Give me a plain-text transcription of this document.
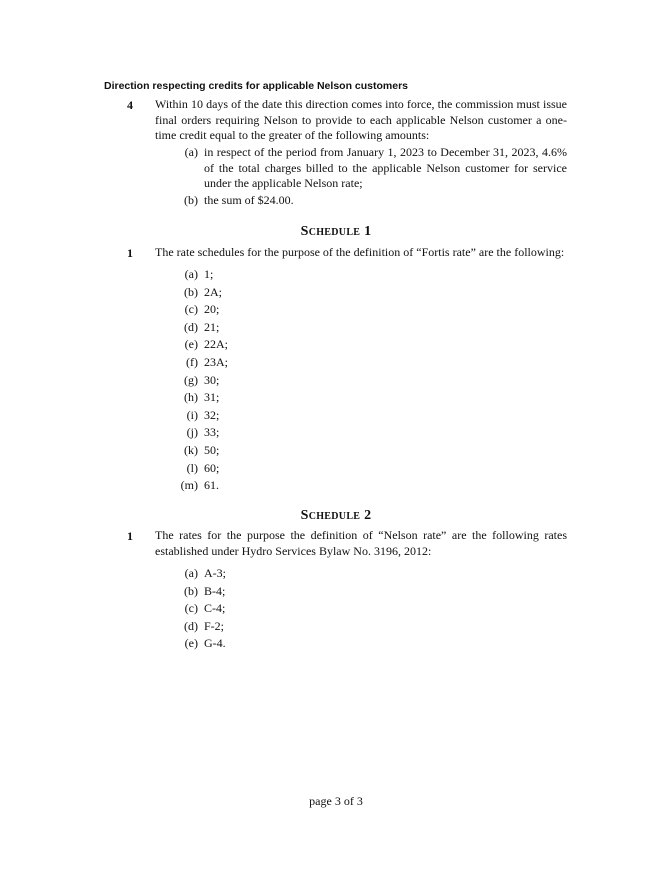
Direction respecting credits for applicable Nelson customers
4 Within 10 days of the date this direction comes into force, the commission must issue final orders requiring Nelson to provide to each applicable Nelson customer a one-time credit equal to the greater of the following amounts:
(a) in respect of the period from January 1, 2023 to December 31, 2023, 4.6% of the total charges billed to the applicable Nelson customer for service under the applicable Nelson rate;
(b) the sum of $24.00.
Schedule 1
1 The rate schedules for the purpose of the definition of “Fortis rate” are the following:
(a) 1;
(b) 2A;
(c) 20;
(d) 21;
(e) 22A;
(f) 23A;
(g) 30;
(h) 31;
(i) 32;
(j) 33;
(k) 50;
(l) 60;
(m) 61.
Schedule 2
1 The rates for the purpose the definition of “Nelson rate” are the following rates established under Hydro Services Bylaw No. 3196, 2012:
(a) A-3;
(b) B-4;
(c) C-4;
(d) F-2;
(e) G-4.
page 3 of 3
